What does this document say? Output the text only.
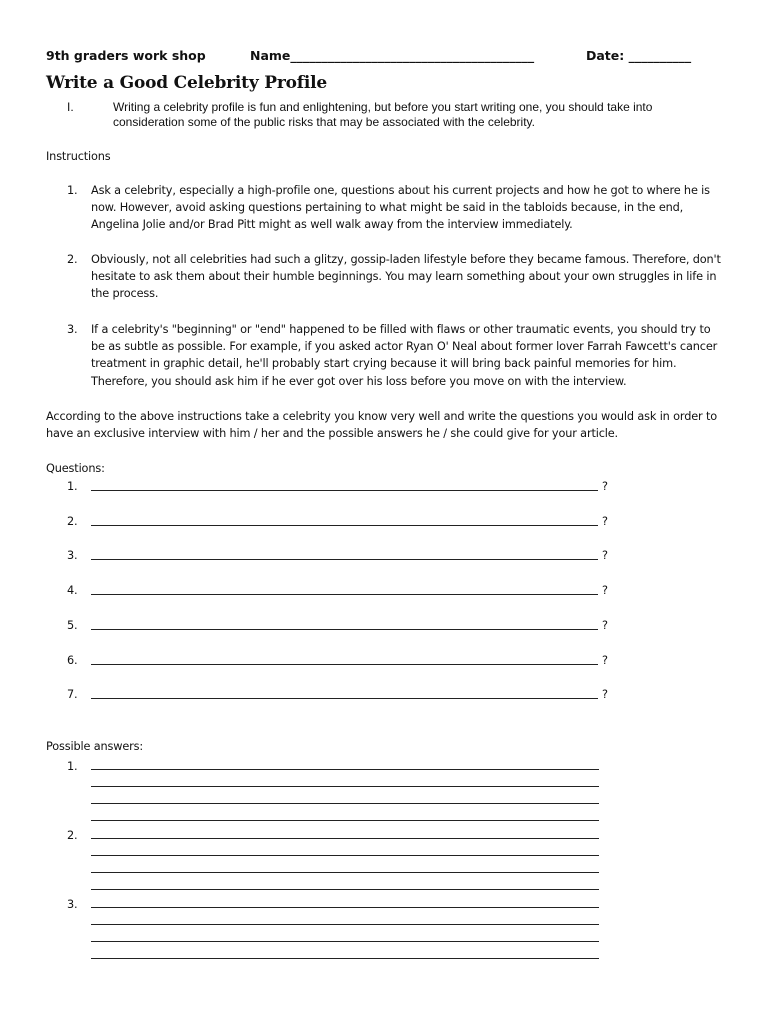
9th graders work shop	Name_______________________________________	Date: __________
Write a Good Celebrity Profile
I.	Writing a celebrity profile is fun and enlightening, but before you start writing one, you should take into consideration some of the public risks that may be associated with the celebrity.
Instructions
1. Ask a celebrity, especially a high-profile one, questions about his current projects and how he got to where he is now. However, avoid asking questions pertaining to what might be said in the tabloids because, in the end, Angelina Jolie and/or Brad Pitt might as well walk away from the interview immediately.
2. Obviously, not all celebrities had such a glitzy, gossip-laden lifestyle before they became famous. Therefore, don't hesitate to ask them about their humble beginnings. You may learn something about your own struggles in life in the process.
3. If a celebrity's "beginning" or "end" happened to be filled with flaws or other traumatic events, you should try to be as subtle as possible. For example, if you asked actor Ryan O' Neal about former lover Farrah Fawcett's cancer treatment in graphic detail, he'll probably start crying because it will bring back painful memories for him. Therefore, you should ask him if he ever got over his loss before you move on with the interview.
According to the above instructions take a celebrity you know very well and write the questions you would ask in order to have an exclusive interview with him / her and the possible answers he / she could give for your article.
Questions:
1.	?
2.	?
3.	?
4.	?
5.	?
6.	?
7.	?
Possible answers:
1.
2.
3.
